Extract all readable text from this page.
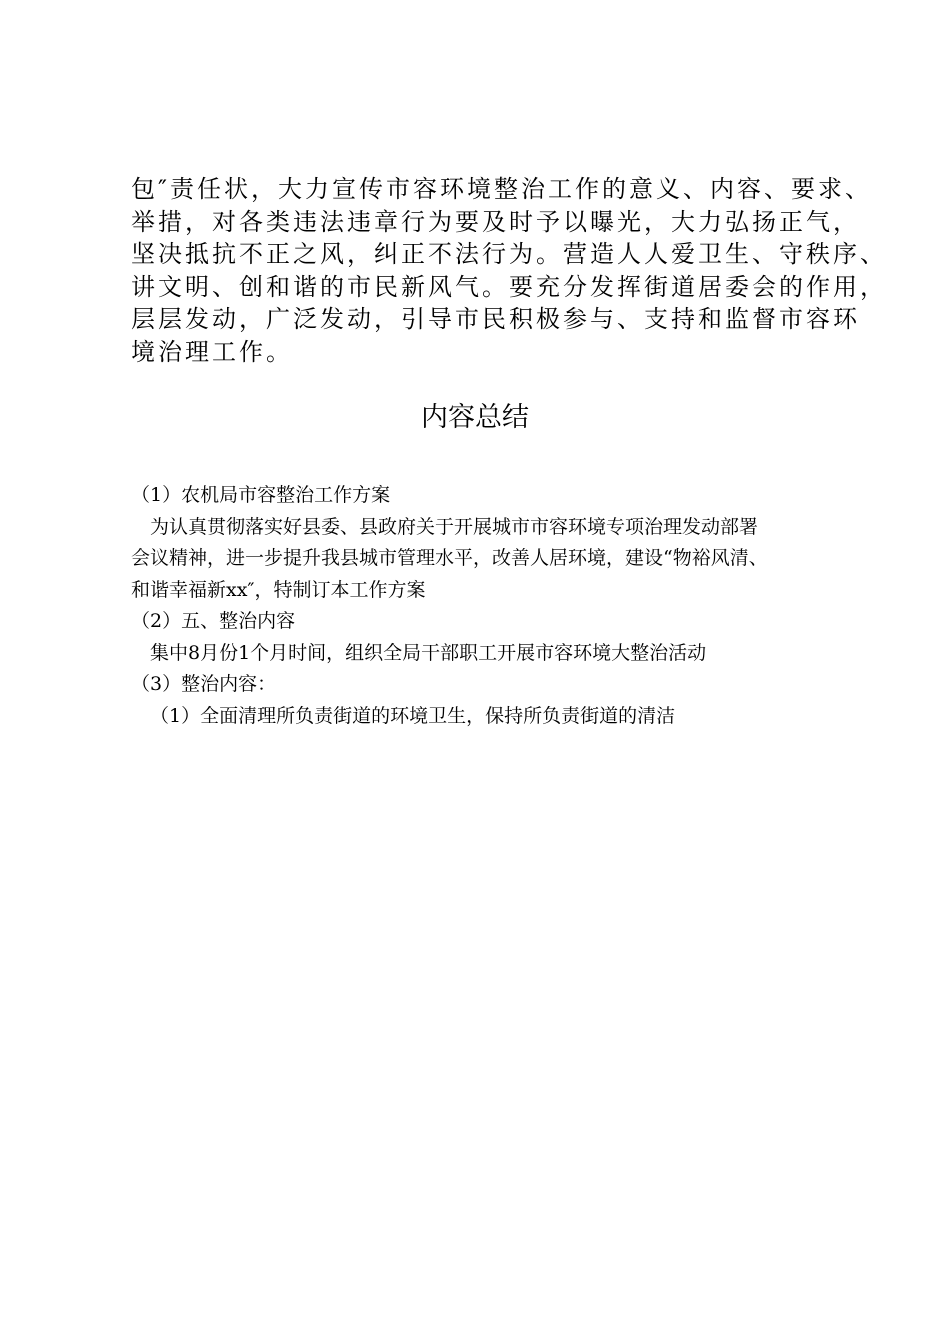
包″责任状，大力宣传市容环境整治工作的意义、内容、要求、
举措，对各类违法违章行为要及时予以曝光，大力弘扬正气，
坚决抵抗不正之风，纠正不法行为。营造人人爱卫生、守秩序、
讲文明、创和谐的市民新风气。要充分发挥街道居委会的作用，
层层发动，广泛发动，引导市民积极参与、支持和监督市容环
境治理工作。
内容总结
（1）农机局市容整治工作方案
为认真贯彻落实好县委、县政府关于开展城市市容环境专项治理发动部署
会议精神，进一步提升我县城市管理水平，改善人居环境，建设“物裕风清、
和谐幸福新xx″，特制订本工作方案
（2）五、整治内容
集中8月份1个月时间，组织全局干部职工开展市容环境大整治活动
（3）整治内容：
（1）全面清理所负责街道的环境卫生，保持所负责街道的清洁
